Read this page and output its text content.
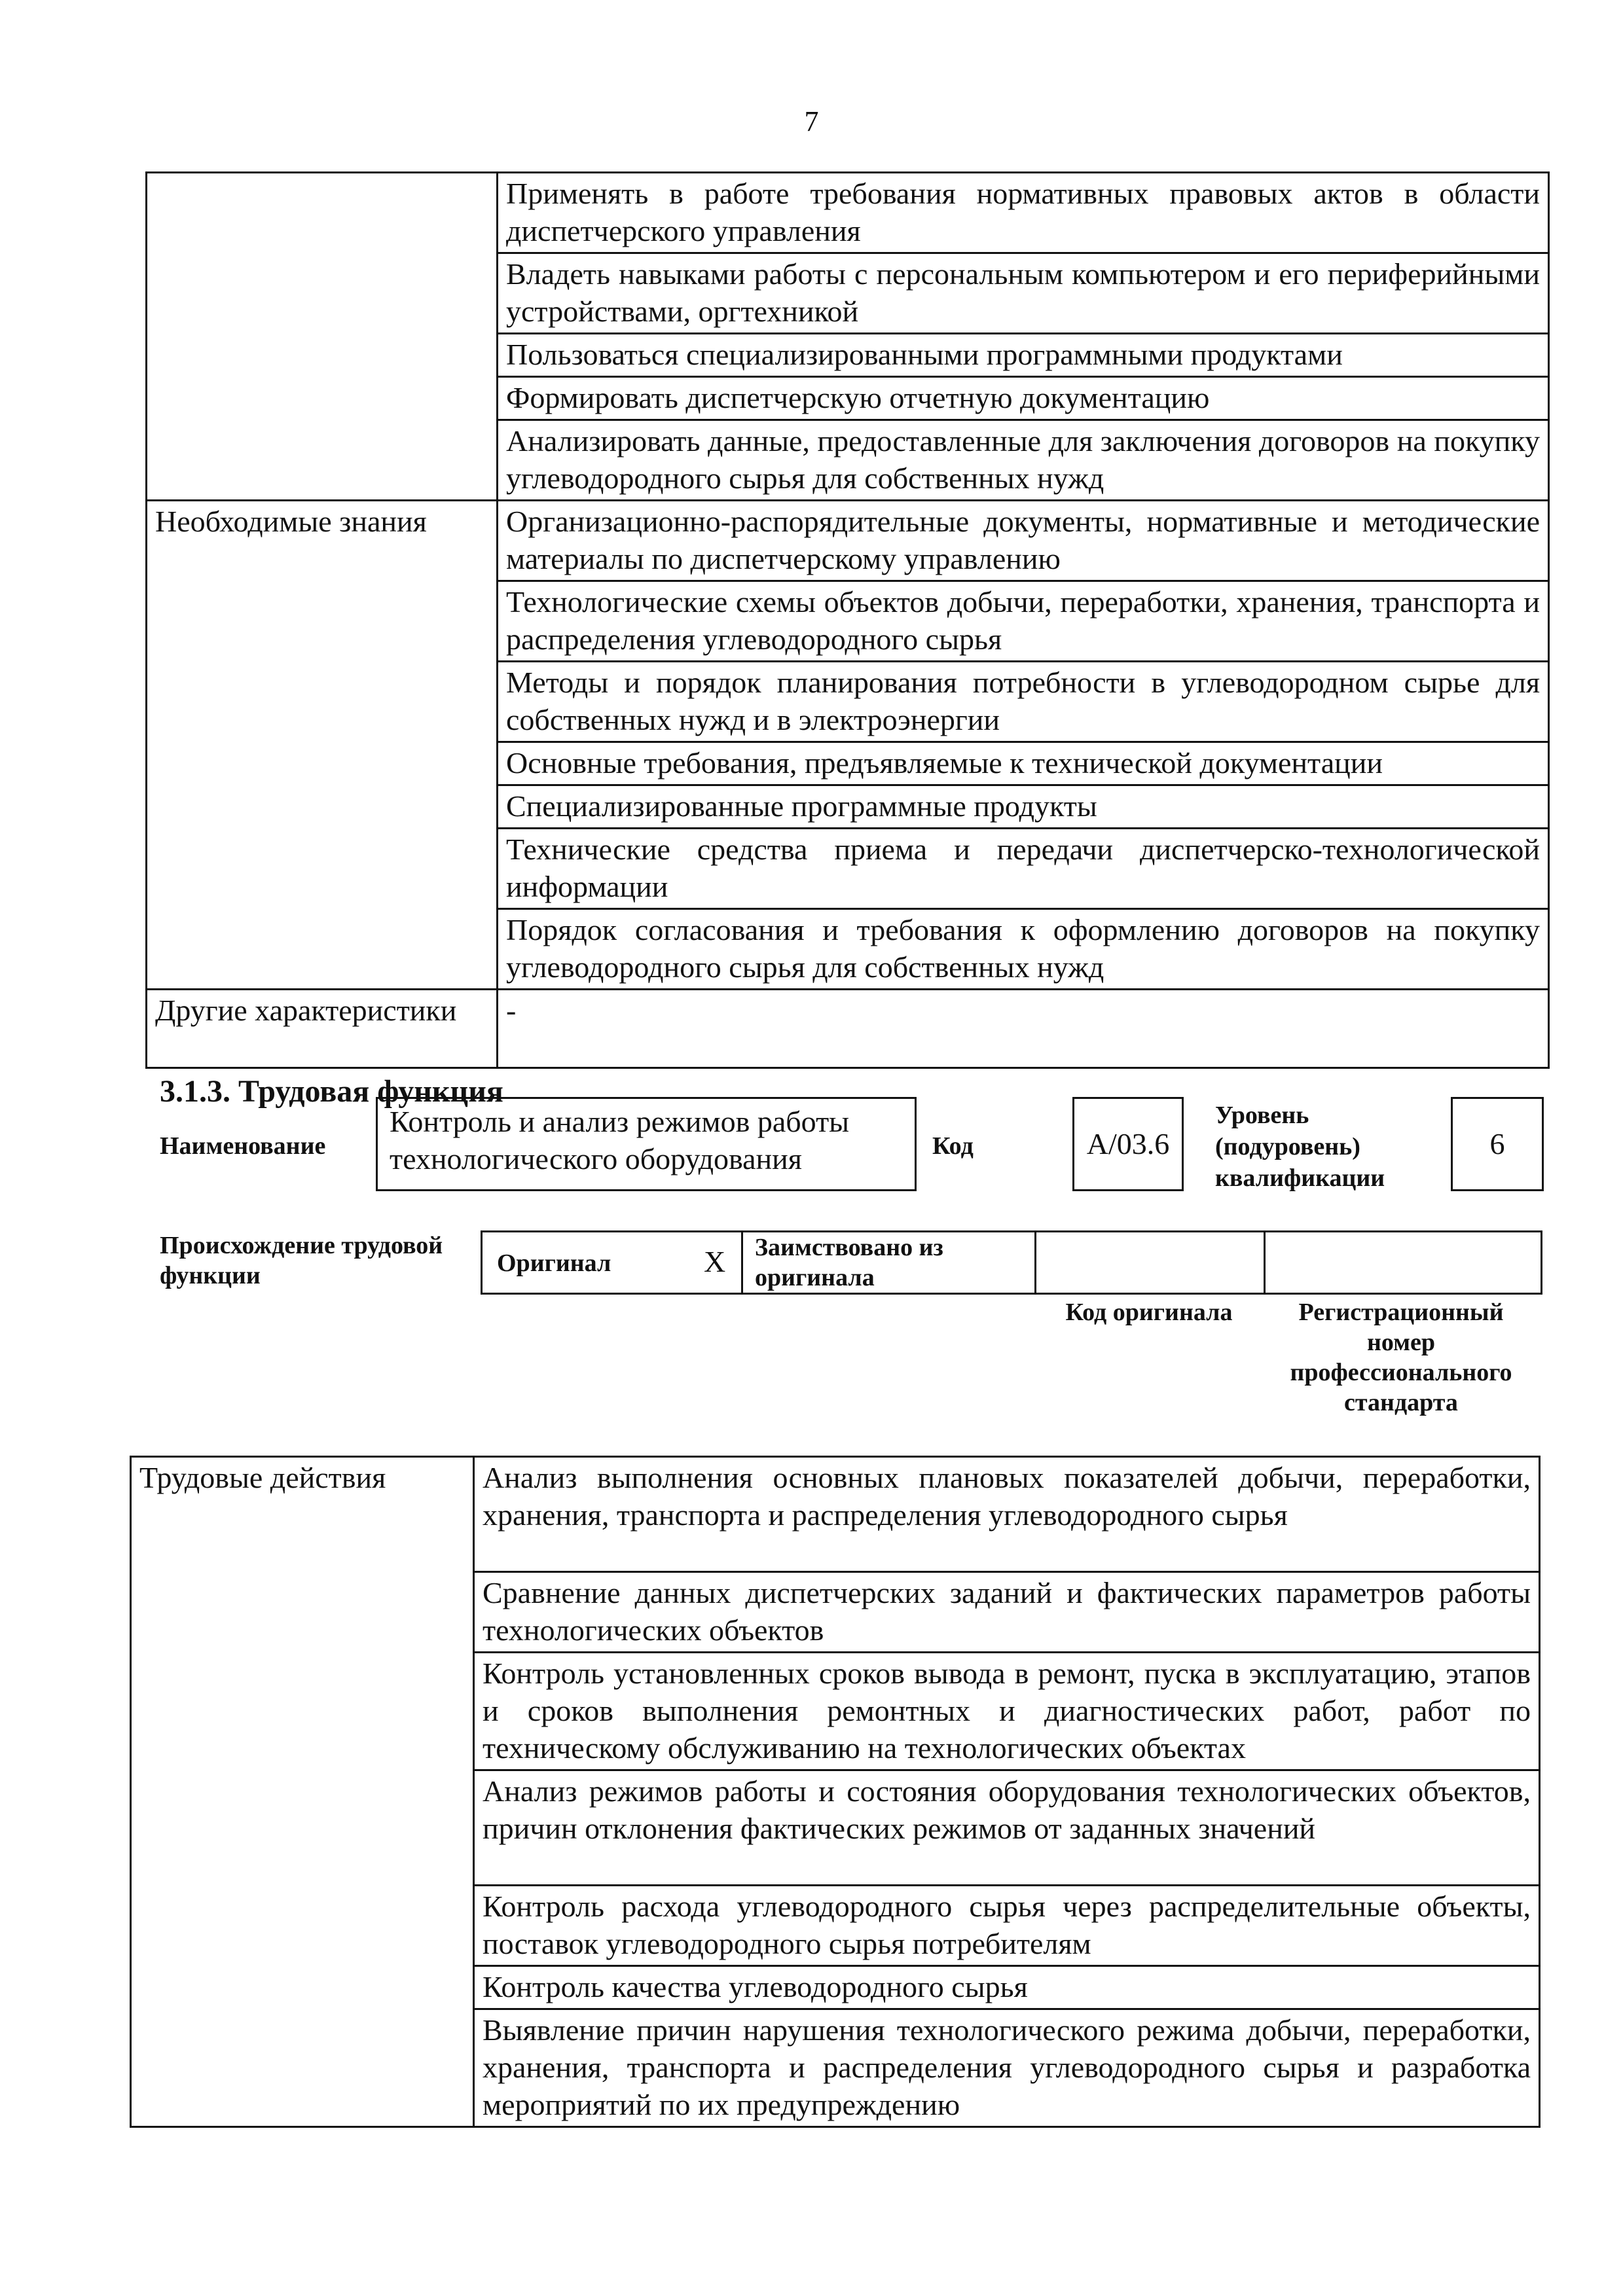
7
	Применять в работе требования нормативных правовых актов в области диспетчерского управления
	Владеть навыками работы с персональным компьютером и его периферийными устройствами, оргтехникой
	Пользоваться специализированными программными продуктами
	Формировать диспетчерскую отчетную документацию
	Анализировать данные, предоставленные для заключения договоров на покупку углеводородного сырья для собственных нужд
Необходимые знания	Организационно-распорядительные документы, нормативные и методические материалы по диспетчерскому управлению
	Технологические схемы объектов добычи, переработки, хранения, транспорта и распределения углеводородного сырья
	Методы и порядок планирования потребности в углеводородном сырье для собственных нужд и в электроэнергии
	Основные требования, предъявляемые к технической документации
	Специализированные программные продукты
	Технические средства приема и передачи диспетчерско-технологической информации
	Порядок согласования и требования к оформлению договоров на покупку углеводородного сырья для собственных нужд
Другие характеристики	-
3.1.3. Трудовая функция
Наименование
Контроль и анализ режимов работы технологического оборудования	Код	A/03.6
Уровень (подуровень) квалификации
6
Происхождение трудовой функции	Оригинал	X Заимствовано из оригинала
Код оригинала	Регистрационный номер профессионального стандарта
Трудовые действия	Анализ выполнения основных плановых показателей добычи, переработки, хранения, транспорта и распределения углеводородного сырья
Сравнение данных диспетчерских заданий и фактических параметров работы технологических объектов
Контроль установленных сроков вывода в ремонт, пуска в эксплуатацию, этапов и сроков выполнения ремонтных и диагностических работ, работ по техническому обслуживанию на технологических объектах
Анализ режимов работы и состояния оборудования технологических объектов, причин отклонения фактических режимов от заданных значений
Контроль расхода углеводородного сырья через распределительные объекты, поставок углеводородного сырья потребителям
Контроль качества углеводородного сырья
Выявление причин нарушения технологического режима добычи, переработки, хранения, транспорта и распределения углеводородного сырья и разработка мероприятий по их предупреждению
